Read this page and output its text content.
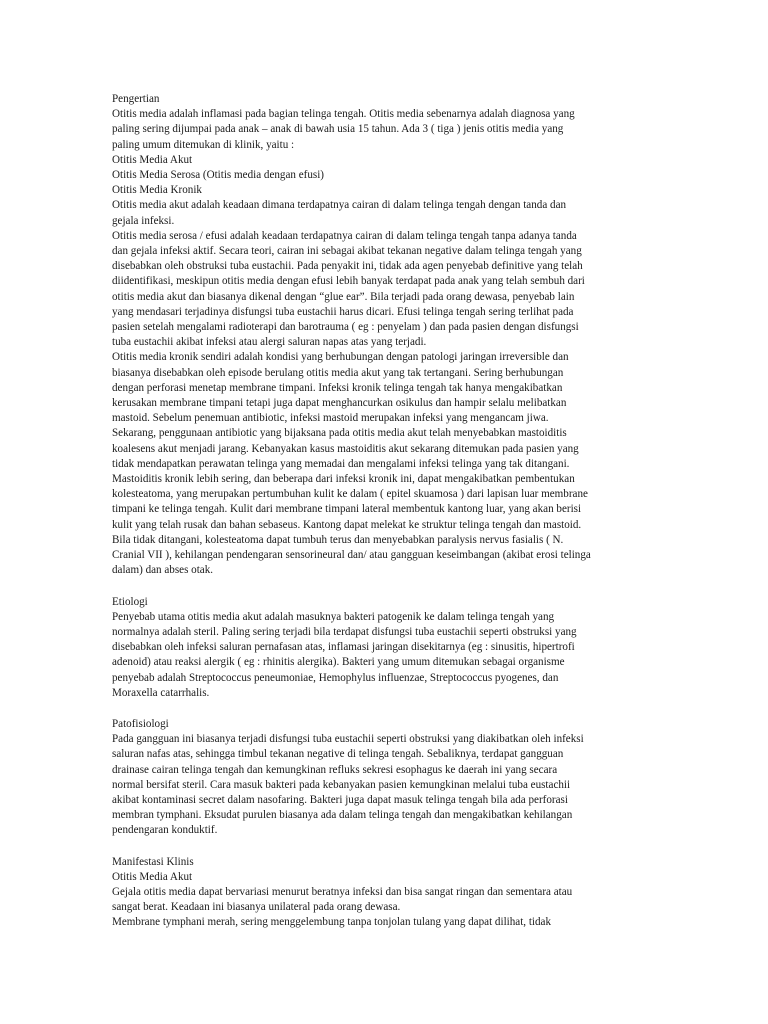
Pengertian
Otitis media adalah inflamasi pada bagian telinga tengah. Otitis media sebenarnya adalah diagnosa yang
paling sering dijumpai pada anak – anak di bawah usia 15 tahun. Ada 3 ( tiga ) jenis otitis media yang
paling umum ditemukan di klinik, yaitu :
Otitis Media Akut
Otitis Media Serosa (Otitis media dengan efusi)
Otitis Media Kronik
Otitis media akut adalah keadaan dimana terdapatnya cairan di dalam telinga tengah dengan tanda dan
gejala infeksi.
Otitis media serosa / efusi adalah keadaan terdapatnya cairan di dalam telinga tengah tanpa adanya tanda
dan gejala infeksi aktif. Secara teori, cairan ini sebagai akibat tekanan negative dalam telinga tengah yang
disebabkan oleh obstruksi tuba eustachii. Pada penyakit ini, tidak ada agen penyebab definitive yang telah
diidentifikasi, meskipun otitis media dengan efusi lebih banyak terdapat pada anak yang telah sembuh dari
otitis media akut dan biasanya dikenal dengan “glue ear”. Bila terjadi pada orang dewasa, penyebab lain
yang mendasari terjadinya disfungsi tuba eustachii harus dicari. Efusi telinga tengah sering terlihat pada
pasien setelah mengalami radioterapi dan barotrauma ( eg : penyelam ) dan pada pasien dengan disfungsi
tuba eustachii akibat infeksi atau alergi saluran napas atas yang terjadi.
Otitis media kronik sendiri adalah kondisi yang berhubungan dengan patologi jaringan irreversible dan
biasanya disebabkan oleh episode berulang otitis media akut yang tak tertangani. Sering berhubungan
dengan perforasi menetap membrane timpani. Infeksi kronik telinga tengah tak hanya mengakibatkan
kerusakan membrane timpani tetapi juga dapat menghancurkan osikulus dan hampir selalu melibatkan
mastoid. Sebelum penemuan antibiotic, infeksi mastoid merupakan infeksi yang mengancam jiwa.
Sekarang, penggunaan antibiotic yang bijaksana pada otitis media akut telah menyebabkan mastoiditis
koalesens akut menjadi jarang. Kebanyakan kasus mastoiditis akut sekarang ditemukan pada pasien yang
tidak mendapatkan perawatan telinga yang memadai dan mengalami infeksi telinga yang tak ditangani.
Mastoiditis kronik lebih sering, dan beberapa dari infeksi kronik ini, dapat mengakibatkan pembentukan
kolesteatoma, yang merupakan pertumbuhan kulit ke dalam ( epitel skuamosa ) dari lapisan luar membrane
timpani ke telinga tengah. Kulit dari membrane timpani lateral membentuk kantong luar, yang akan berisi
kulit yang telah rusak dan bahan sebaseus. Kantong dapat melekat ke struktur telinga tengah dan mastoid.
Bila tidak ditangani, kolesteatoma dapat tumbuh terus dan menyebabkan paralysis nervus fasialis ( N.
Cranial VII ), kehilangan pendengaran sensorineural dan/ atau gangguan keseimbangan (akibat erosi telinga
dalam) dan abses otak.
Etiologi
Penyebab utama otitis media akut adalah masuknya bakteri patogenik ke dalam telinga tengah yang
normalnya adalah steril. Paling sering terjadi bila terdapat disfungsi tuba eustachii seperti obstruksi yang
disebabkan oleh infeksi saluran pernafasan atas, inflamasi jaringan disekitarnya (eg : sinusitis, hipertrofi
adenoid) atau reaksi alergik ( eg : rhinitis alergika). Bakteri yang umum ditemukan sebagai organisme
penyebab adalah Streptococcus peneumoniae, Hemophylus influenzae, Streptococcus pyogenes, dan
Moraxella catarrhalis.
Patofisiologi
Pada gangguan ini biasanya terjadi disfungsi tuba eustachii seperti obstruksi yang diakibatkan oleh infeksi
saluran nafas atas, sehingga timbul tekanan negative di telinga tengah. Sebaliknya, terdapat gangguan
drainase cairan telinga tengah dan kemungkinan refluks sekresi esophagus ke daerah ini yang secara
normal bersifat steril. Cara masuk bakteri pada kebanyakan pasien kemungkinan melalui tuba eustachii
akibat kontaminasi secret dalam nasofaring. Bakteri juga dapat masuk telinga tengah bila ada perforasi
membran tymphani. Eksudat purulen biasanya ada dalam telinga tengah dan mengakibatkan kehilangan
pendengaran konduktif.
Manifestasi Klinis
Otitis Media Akut
Gejala otitis media dapat bervariasi menurut beratnya infeksi dan bisa sangat ringan dan sementara atau
sangat berat. Keadaan ini biasanya unilateral pada orang dewasa.
Membrane tymphani merah, sering menggelembung tanpa tonjolan tulang yang dapat dilihat, tidak
